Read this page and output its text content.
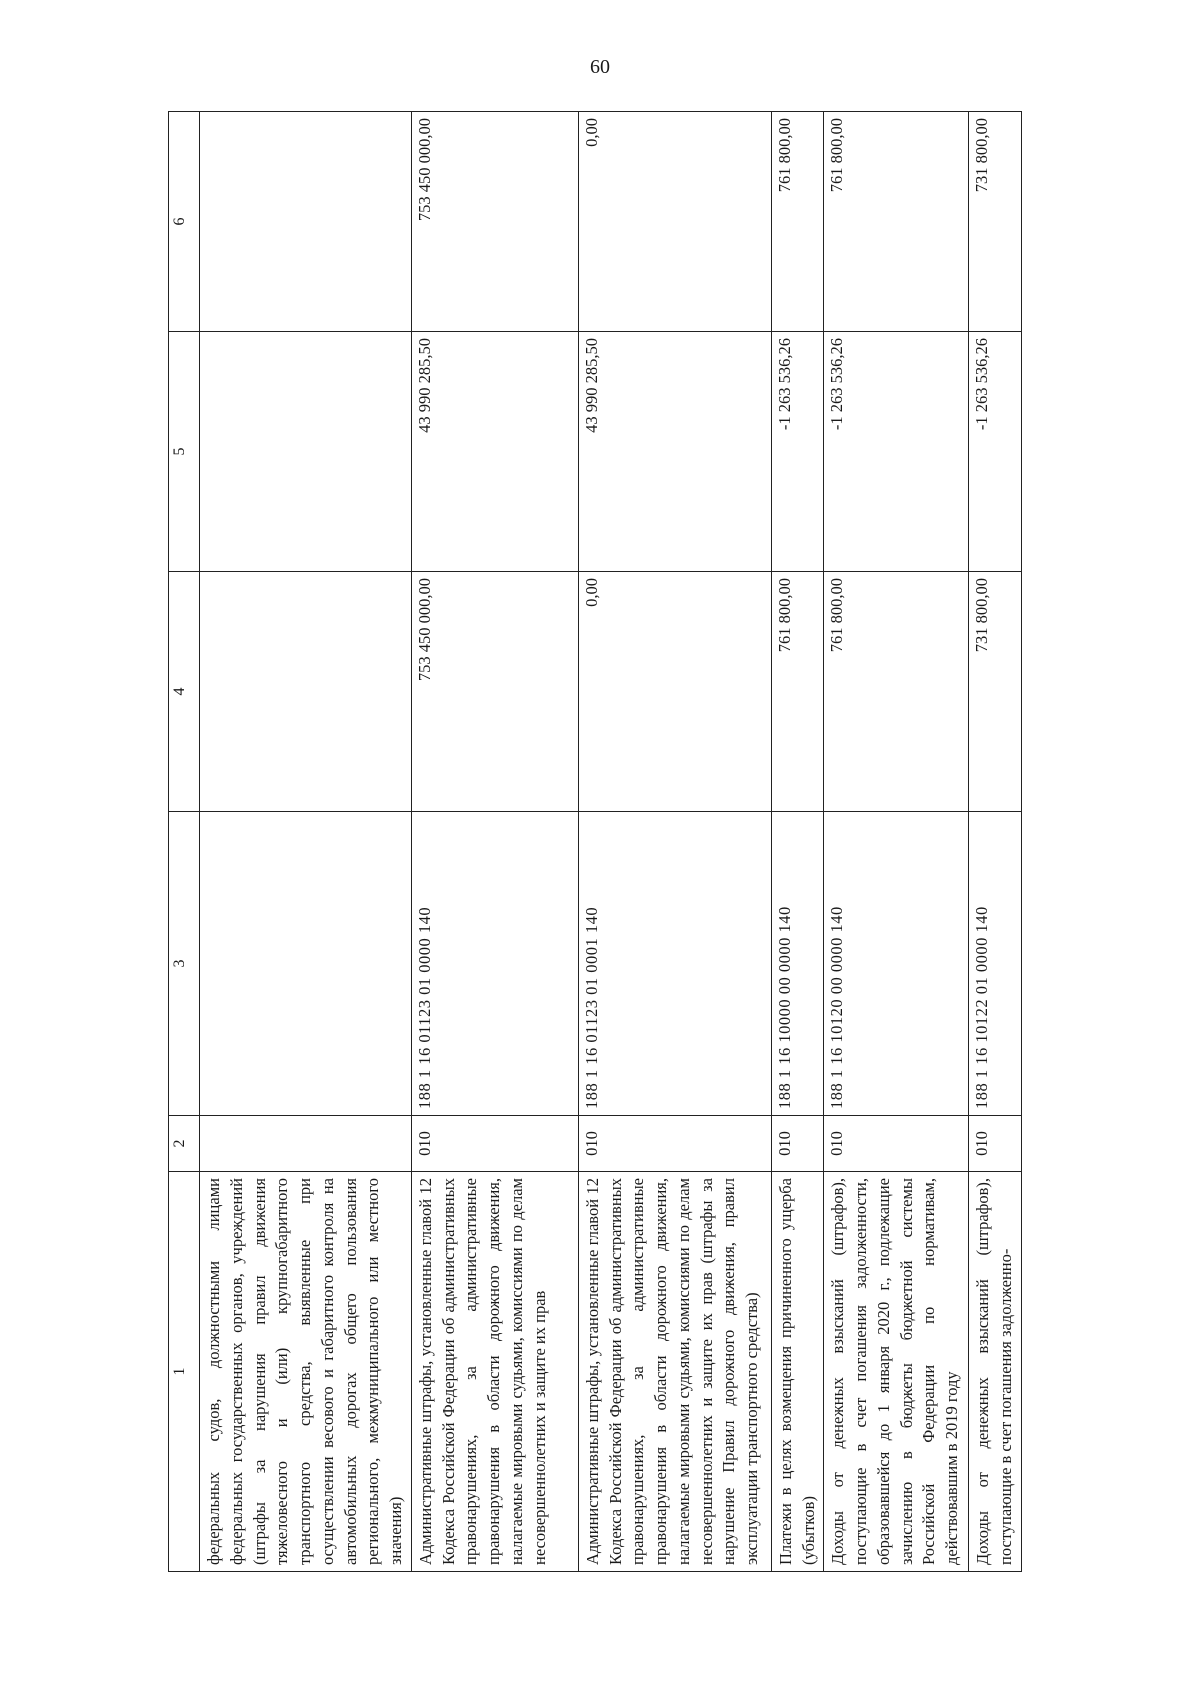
60
1	2	3	4	5	6
федеральных судов, должностными лицами федеральных государственных органов, учреждений (штрафы за нарушения правил движения тяжеловесного и (или) крупногабаритного транспортного средства, выявленные при осуществлении весового и габаритного контроля на автомобильных дорогах общего пользования регионального, межмуниципального или местного значения)					
Административные штрафы, установленные главой 12 Кодекса Российской Федерации об административных правонарушениях, за административные правонарушения в области дорожного движения, налагаемые мировыми судьями, комиссиями по делам несовершеннолетних и защите их прав	010	188 1 16 01123 01 0000 140	753 450 000,00	43 990 285,50	753 450 000,00
Административные штрафы, установленные главой 12 Кодекса Российской Федерации об административных правонарушениях, за административные правонарушения в области дорожного движения, налагаемые мировыми судьями, комиссиями по делам несовершеннолетних и защите их прав (штрафы за нарушение Правил дорожного движения, правил эксплуатации транспортного средства)	010	188 1 16 01123 01 0001 140	0,00	43 990 285,50	0,00
Платежи в целях возмещения причиненного ущерба (убытков)	010	188 1 16 10000 00 0000 140	761 800,00	-1 263 536,26	761 800,00
Доходы от денежных взысканий (штрафов), поступающие в счет погашения задолженности, образовавшейся до 1 января 2020 г., подлежащие зачислению в бюджеты бюджетной системы Российской Федерации по нормативам, действовавшим в 2019 году	010	188 1 16 10120 00 0000 140	761 800,00	-1 263 536,26	761 800,00
Доходы от денежных взысканий (штрафов), поступающие в счет погашения задолженно-	010	188 1 16 10122 01 0000 140	731 800,00	-1 263 536,26	731 800,00
